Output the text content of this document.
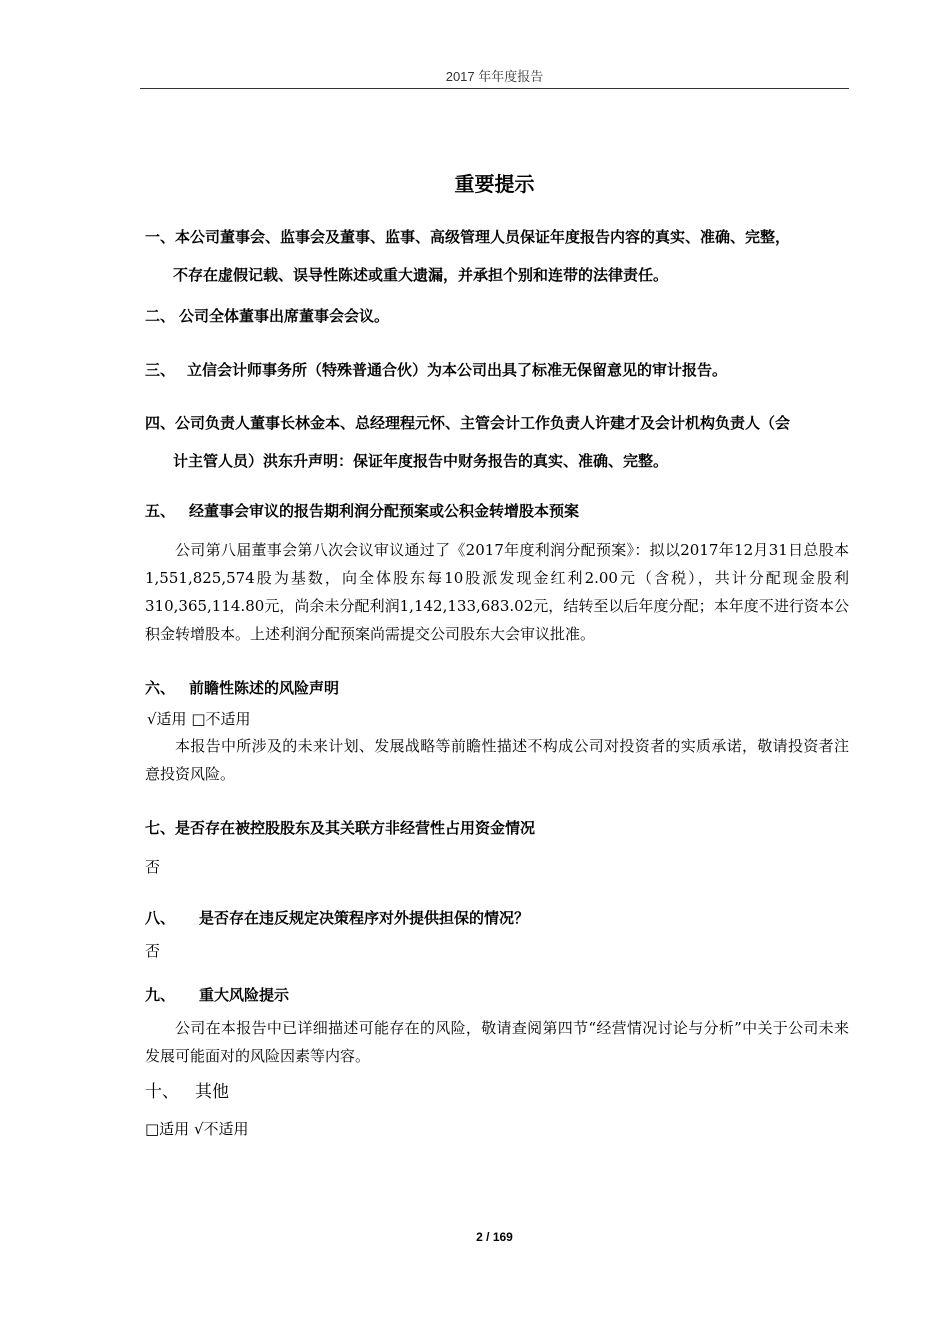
2017 年年度报告
重要提示
一、本公司董事会、监事会及董事、监事、高级管理人员保证年度报告内容的真实、准确、完整，
不存在虚假记载、误导性陈述或重大遗漏，并承担个别和连带的法律责任。
二、 公司全体董事出席董事会会议。
三、 立信会计师事务所（特殊普通合伙）为本公司出具了标准无保留意见的审计报告。
四、公司负责人董事长林金本、总经理程元怀、主管会计工作负责人许建才及会计机构负责人（会
计主管人员）洪东升声明：保证年度报告中财务报告的真实、准确、完整。
五、 经董事会审议的报告期利润分配预案或公积金转增股本预案
公司第八届董事会第八次会议审议通过了《2017年度利润分配预案》：拟以2017年12月31日总股本1,551,825,574股为基数，向全体股东每10股派发现金红利2.00元（含税），共计分配现金股利310,365,114.80元，尚余未分配利润1,142,133,683.02元，结转至以后年度分配；本年度不进行资本公积金转增股本。上述利润分配预案尚需提交公司股东大会审议批准。
六、 前瞻性陈述的风险声明
√适用 □不适用
本报告中所涉及的未来计划、发展战略等前瞻性描述不构成公司对投资者的实质承诺，敬请投资者注意投资风险。
七、是否存在被控股股东及其关联方非经营性占用资金情况
否
八、 是否存在违反规定决策程序对外提供担保的情况？
否
九、 重大风险提示
公司在本报告中已详细描述可能存在的风险，敬请查阅第四节“经营情况讨论与分析”中关于公司未来发展可能面对的风险因素等内容。
十、 其他
□适用 √不适用
2 / 169
